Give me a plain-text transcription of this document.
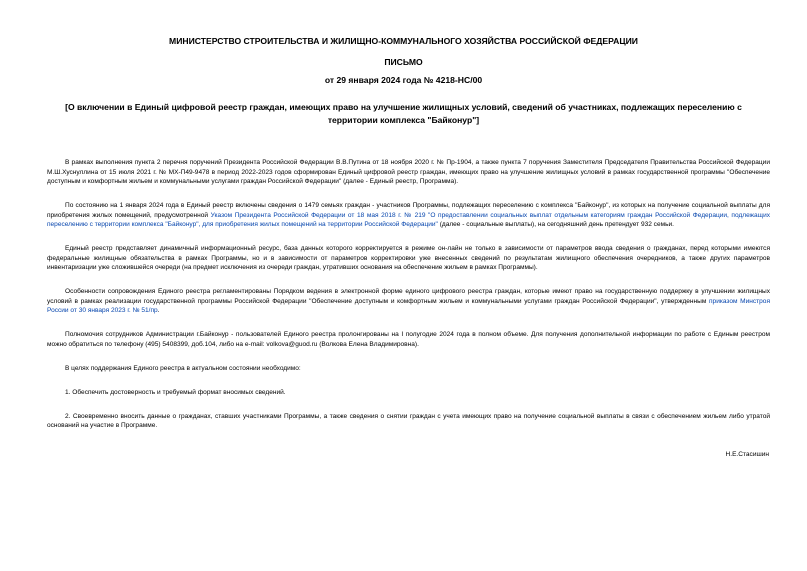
МИНИСТЕРСТВО СТРОИТЕЛЬСТВА И ЖИЛИЩНО-КОММУНАЛЬНОГО ХОЗЯЙСТВА РОССИЙСКОЙ ФЕДЕРАЦИИ
ПИСЬМО
от 29 января 2024 года № 4218-НС/00
[О включении в Единый цифровой реестр граждан, имеющих право на улучшение жилищных условий, сведений об участниках, подлежащих переселению с территории комплекса "Байконур"]

В рамках выполнения пункта 2 перечня поручений Президента Российской Федерации В.В.Путина от 18 ноября 2020 г. № Пр-1904, а также пункта 7 поручения Заместителя Председателя Правительства Российской Федерации М.Ш.Хуснуллина от 15 июля 2021 г. № МХ-П49-9478 в период 2022-2023 годов сформирован Единый цифровой реестр граждан, имеющих право на улучшение жилищных условий в рамках государственной программы "Обеспечение доступным и комфортным жильем и коммунальными услугами граждан Российской Федерации" (далее - Единый реестр, Программа).

По состоянию на 1 января 2024 года в Единый реестр включены сведения о 1479 семьях граждан - участников Программы, подлежащих переселению с комплекса "Байконур", из которых на получение социальной выплаты для приобретения жилых помещений, предусмотренной Указом Президента Российской Федерации от 18 мая 2018 г. № 219 "О предоставлении социальных выплат отдельным категориям граждан Российской Федерации, подлежащих переселению с территории комплекса "Байконур", для приобретения жилых помещений на территории Российской Федерации" (далее - социальные выплаты), на сегодняшний день претендует 932 семьи.

Единый реестр представляет динамичный информационный ресурс, база данных которого корректируется в режиме он-лайн не только в зависимости от параметров ввода сведения о гражданах, перед которыми имеются федеральные жилищные обязательства в рамках Программы, но и в зависимости от параметров корректировки уже внесенных сведений по результатам жилищного обеспечения очередников, а также других параметров инвентаризации уже сложившейся очереди (на предмет исключения из очереди граждан, утративших основания на обеспечение жильем в рамках Программы).

Особенности сопровождения Единого реестра регламентированы Порядком ведения в электронной форме единого цифрового реестра граждан, которые имеют право на государственную поддержку в улучшении жилищных условий в рамках реализации государственной программы Российской Федерации "Обеспечение доступным и комфортным жильем и коммунальными услугами граждан Российской Федерации", утвержденным приказом Минстроя России от 30 января 2023 г. № 51/пр.

Полномочия сотрудников Администрации г.Байконур - пользователей Единого реестра пролонгированы на I полугодие 2024 года в полном объеме. Для получения дополнительной информации по работе с Единым реестром можно обратиться по телефону (495) 5408399, доб.104, либо на e-mail: volkova@guod.ru (Волкова Елена Владимировна).

В целях поддержания Единого реестра в актуальном состоянии необходимо:

1. Обеспечить достоверность и требуемый формат вносимых сведений.

2. Своевременно вносить данные о гражданах, ставших участниками Программы, а также сведения о снятии граждан с учета имеющих право на получение социальной выплаты в связи с обеспечением жильем либо утратой оснований на участие в Программе.

Н.Е.Стасишин
